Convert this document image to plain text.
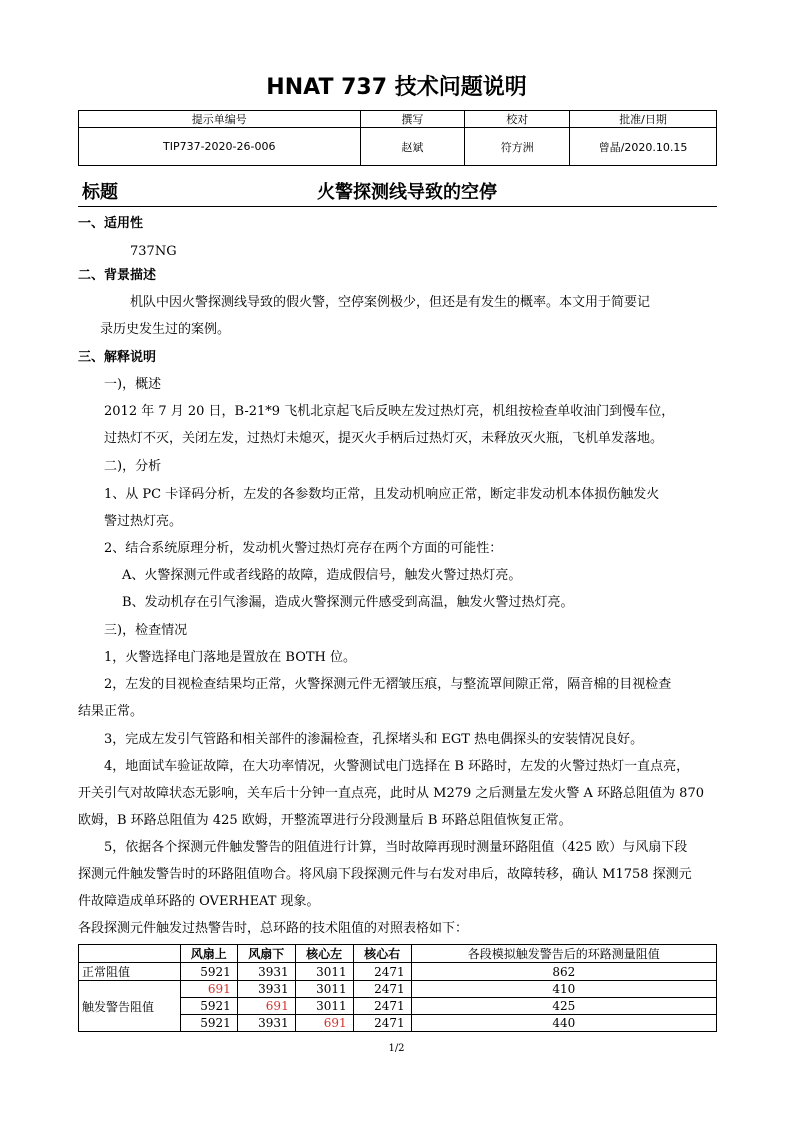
HNAT 737 技术问题说明
提示单编号	撰写	校对	批准/日期
TIP737-2020-26-006	赵斌	符方洲	曾晶/2020.10.15
标题	火警探测线导致的空停
一、适用性
737NG
二、背景描述
机队中因火警探测线导致的假火警，空停案例极少，但还是有发生的概率。本文用于简要记
录历史发生过的案例。
三、解释说明
一)，概述
2012 年 7 月 20 日，B-21*9 飞机北京起飞后反映左发过热灯亮，机组按检查单收油门到慢车位，
过热灯不灭，关闭左发，过热灯未熄灭，提灭火手柄后过热灯灭，未释放灭火瓶，飞机单发落地。
二)，分析
1、从 PC 卡译码分析，左发的各参数均正常，且发动机响应正常，断定非发动机本体损伤触发火
警过热灯亮。
2、结合系统原理分析，发动机火警过热灯亮存在两个方面的可能性：
A、火警探测元件或者线路的故障，造成假信号，触发火警过热灯亮。
B、发动机存在引气渗漏，造成火警探测元件感受到高温，触发火警过热灯亮。
三)，检查情况
1，火警选择电门落地是置放在 BOTH 位。
2，左发的目视检查结果均正常，火警探测元件无褶皱压痕，与整流罩间隙正常，隔音棉的目视检查
结果正常。
3，完成左发引气管路和相关部件的渗漏检查，孔探堵头和 EGT 热电偶探头的安装情况良好。
4，地面试车验证故障，在大功率情况，火警测试电门选择在 B 环路时，左发的火警过热灯一直点亮，
开关引气对故障状态无影响，关车后十分钟一直点亮，此时从 M279 之后测量左发火警 A 环路总阻值为 870
欧姆，B 环路总阻值为 425 欧姆，开整流罩进行分段测量后 B 环路总阻值恢复正常。
5，依据各个探测元件触发警告的阻值进行计算，当时故障再现时测量环路阻值（425 欧）与风扇下段
探测元件触发警告时的环路阻值吻合。将风扇下段探测元件与右发对串后，故障转移，确认 M1758 探测元
件故障造成单环路的 OVERHEAT 现象。
各段探测元件触发过热警告时，总环路的技术阻值的对照表格如下：
	风扇上	风扇下	核心左	核心右	各段模拟触发警告后的环路测量阻值
正常阻值	5921	3931	3011	2471	862
触发警告阻值	691	3931	3011	2471	410
	5921	691	3011	2471	425
	5921	3931	691	2471	440
1/2
